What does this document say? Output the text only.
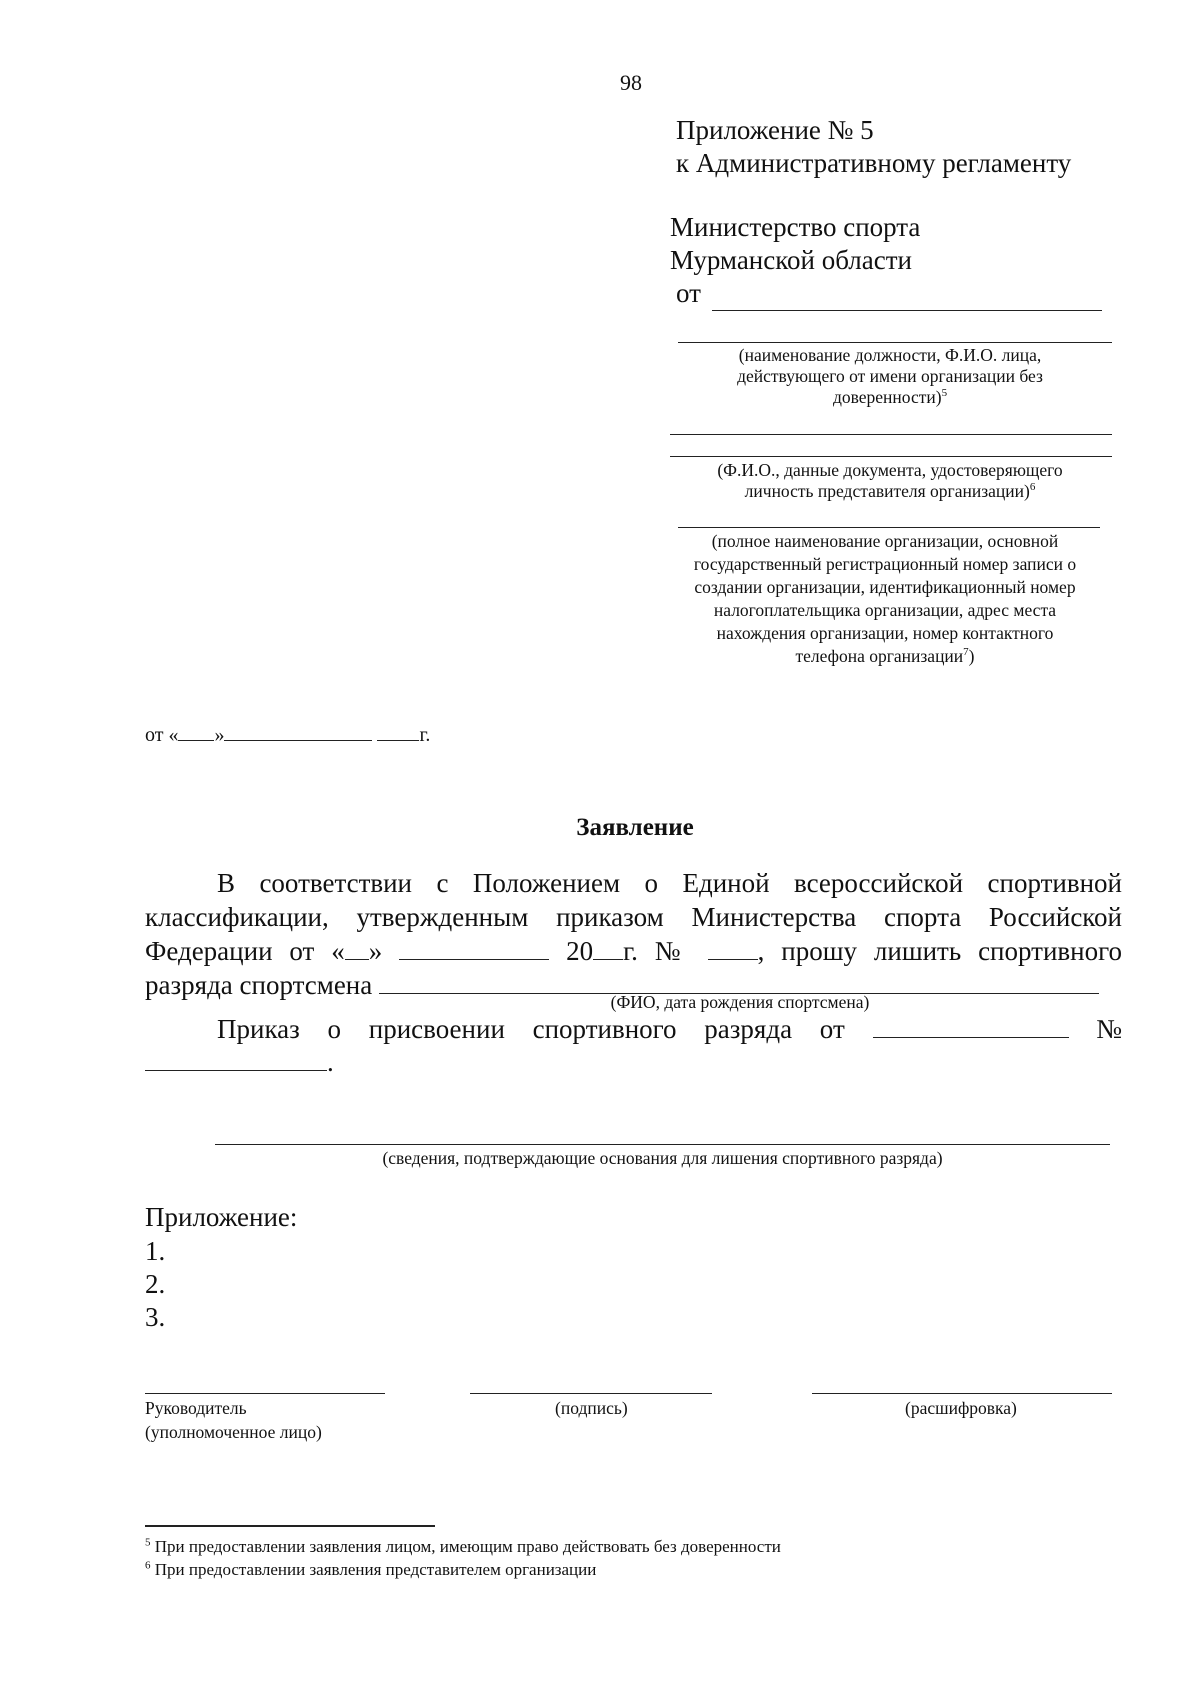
98
Приложение № 5
к Административному регламенту
Министерство спорта
Мурманской области
от
(наименование должности, Ф.И.О. лица,
действующего от имени организации без
доверенности)$^5$
(Ф.И.О., данные документа, удостоверяющего
личность представителя организации)$^6$
(полное наименование организации, основной
государственный регистрационный номер записи о
создании организации, идентификационный номер
налогоплательщика организации, адрес места
нахождения организации, номер контактного
телефона организации$^7$)
от « »	г.
Заявление
В соответствии с Положением о Единой всероссийской спортивной
классификации, утвержденным приказом Министерства спорта Российской
Федерации от « »	20 г. № , прошу лишить спортивного
разряда спортсмена
(ФИО, дата рождения спортсмена)
Приказ о присвоении спортивного разряда от	№
.
(сведения, подтверждающие основания для лишения спортивного разряда)
Приложение:
1.
2.
3.
Руководитель
(уполномоченное лицо)
(подпись)	(расшифровка)
$^5$ При предоставлении заявления лицом, имеющим право действовать без доверенности
$^6$ При предоставлении заявления представителем организации
